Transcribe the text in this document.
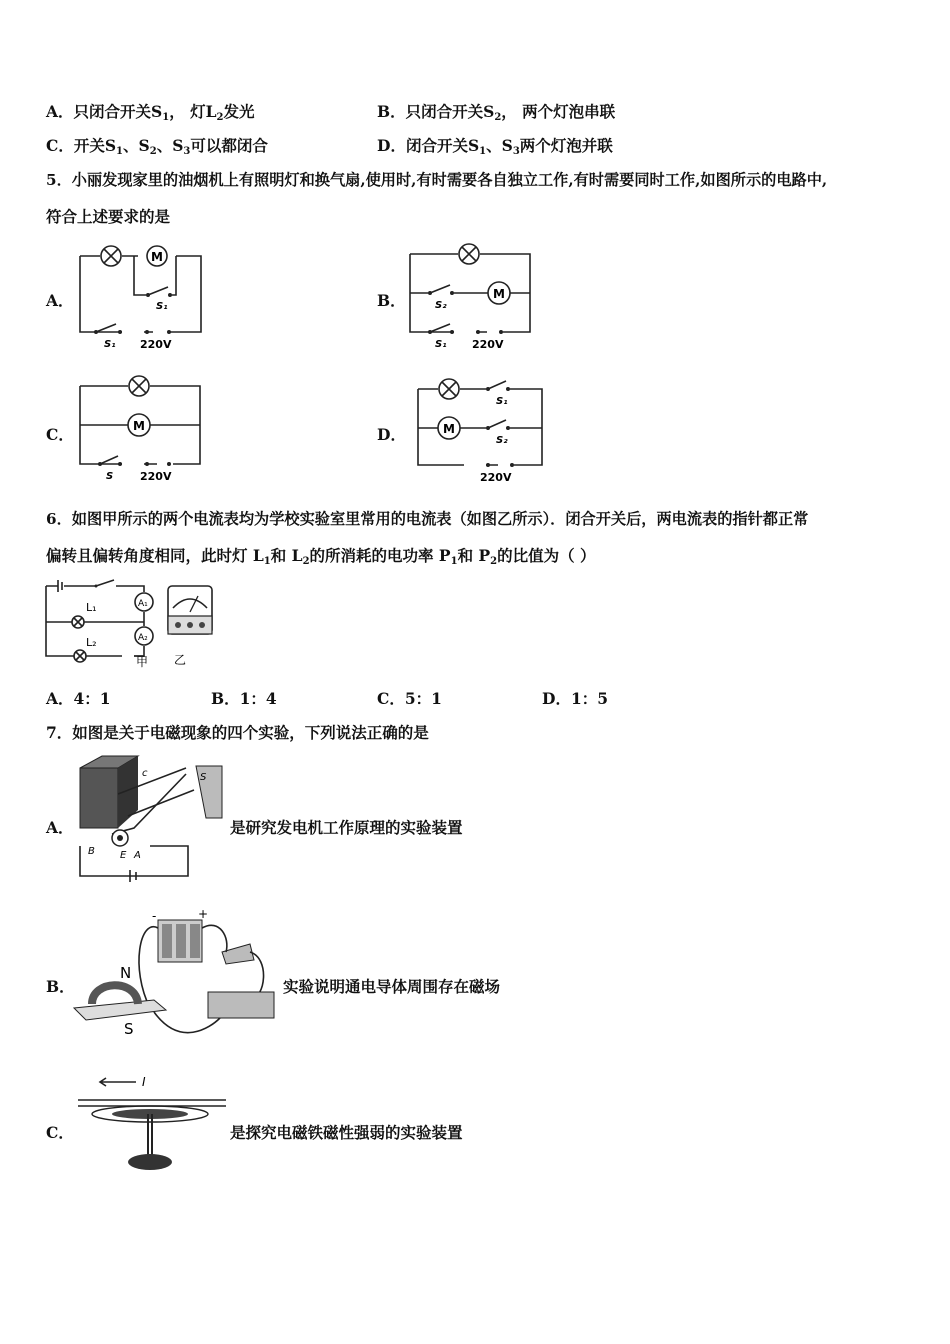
A．只闭合开关$S_1$， 灯$L_2$发光	B．只闭合开关$S_2$， 两个灯泡串联
C．开关$S_1$、$S_2$、$S_3$可以都闭合	D．闭合开关$S_1$、$S_3$两个灯泡并联
5．小丽发现家里的油烟机上有照明灯和换气扇,使用时,有时需要各自独立工作,有时需要同时工作,如图所示的电路中,
符合上述要求的是
A．
M
S₁
S₁ 220V
B．	S₂
M
S₁ 220V
C．	M
S 220V
D．
S₁
M
S₂
220V
6．如图甲所示的两个电流表均为学校实验室里常用的电流表（如图乙所示）．闭合开关后，两电流表的指针都正常
偏转且偏转角度相同，此时灯 $L_1$和 $L_2$的所消耗的电功率 $P_1$和 $P_2$的比值为（ ）
L₁
L₂
A₁
A₂
甲 乙
A．4：1	B．1：4	C．5：1	D．1：5
7．如图是关于电磁现象的四个实验，下列说法正确的是
A．
B	E A
c	S
是研究发电机工作原理的实验装置
B．
-	+
N
S
实验说明通电导体周围存在磁场
C．
I
是探究电磁铁磁性强弱的实验装置
